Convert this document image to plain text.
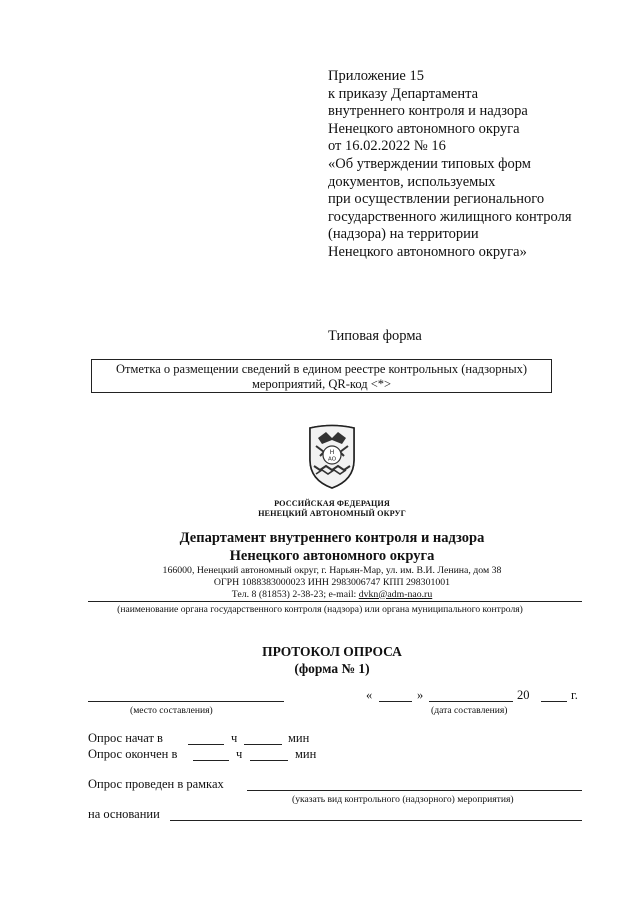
Приложение 15
к приказу Департамента
внутреннего контроля и надзора
Ненецкого автономного округа
от 16.02.2022 № 16
«Об утверждении типовых форм
документов, используемых
при осуществлении регионального
государственного жилищного контроля
(надзора) на территории
Ненецкого автономного округа»
Типовая форма
Отметка о размещении сведений в едином реестре контрольных (надзорных)
мероприятий, QR-код <*>
Н
АО
РОССИЙСКАЯ ФЕДЕРАЦИЯ
НЕНЕЦКИЙ АВТОНОМНЫЙ ОКРУГ
Департамент внутреннего контроля и надзора
Ненецкого автономного округа
166000, Ненецкий автономный округ, г. Нарьян-Мар, ул. им. В.И. Ленина, дом 38
ОГРН 1088383000023 ИНН 2983006747 КПП 298301001
Тел. 8 (81853) 2-38-23; e-mail: dvkn@adm-nao.ru
(наименование органа государственного контроля (надзора) или органа муниципального контроля)
ПРОТОКОЛ ОПРОСА
(форма № 1)
(место составления)
«	»	20	г.
(дата составления)
Опрос начат в	ч	мин
Опрос окончен в	ч	мин
Опрос проведен в рамках
(указать вид контрольного (надзорного) мероприятия)
на основании
